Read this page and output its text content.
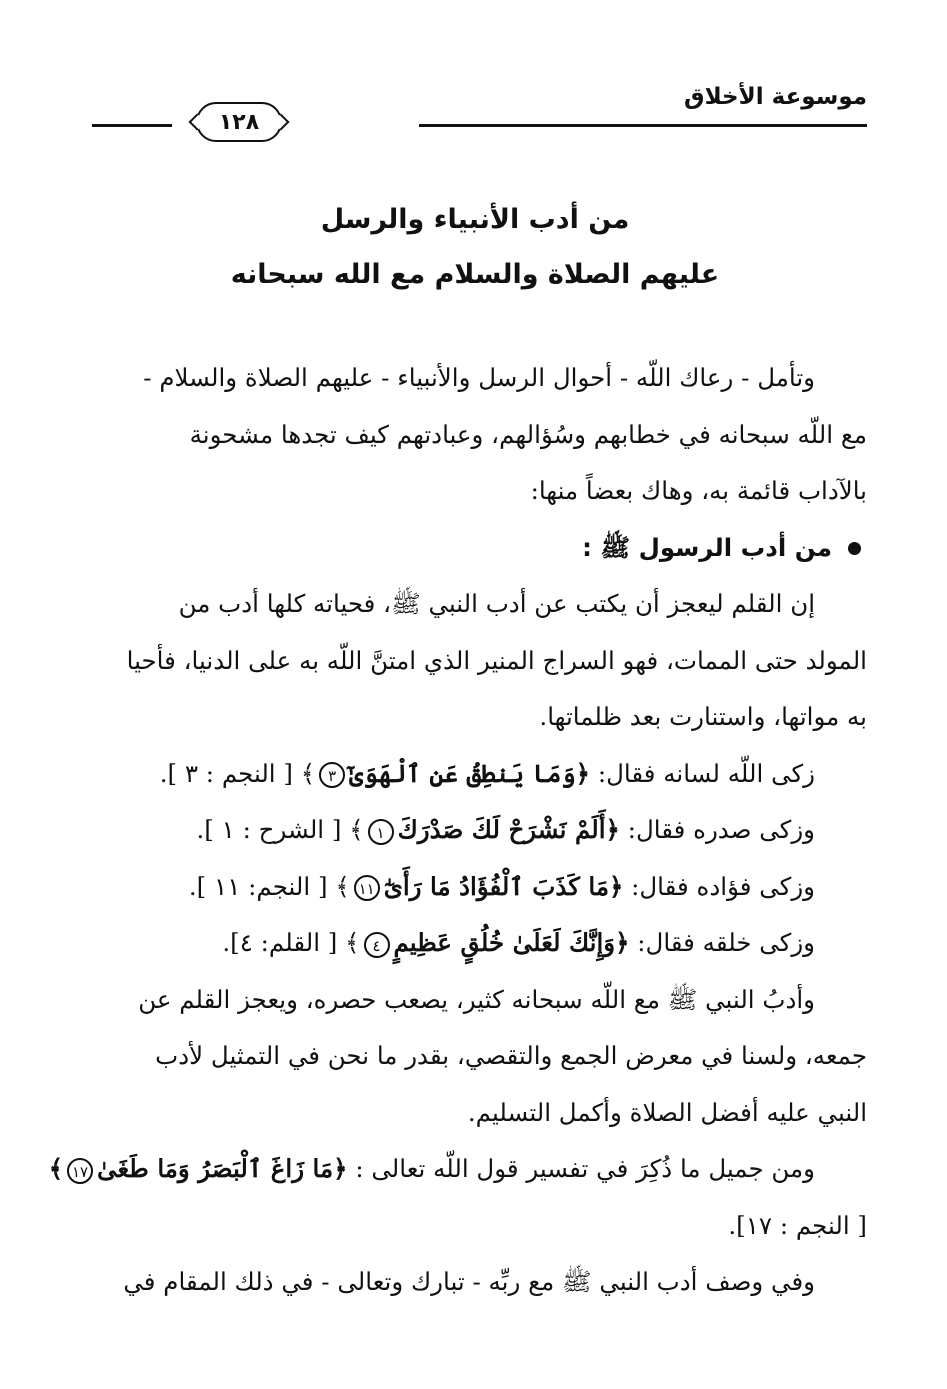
موسوعة الأخلاق
١٢٨
من أدب الأنبياء والرسل
عليهم الصلاة والسلام مع الله سبحانه

وتأمل - رعاك اللّه - أحوال الرسل والأنبياء - عليهم الصلاة والسلام -
مع اللّه سبحانه في خطابهم وسُؤالهم، وعبادتهم كيف تجدها مشحونة
بالآداب قائمة به، وهاك بعضاً منها:

من أدب الرسول ﷺ :

إن القلم ليعجز أن يكتب عن أدب النبي ﷺ، فحياته كلها أدب من
المولد حتى الممات، فهو السراج المنير الذي امتنَّ اللّه به على الدنيا، فأحيا
به مواتها، واستنارت بعد ظلماتها.

زكى اللّه لسانه فقال: ﴿وَمَا يَنطِقُ عَنِ ٱلْهَوَىٰٓ٣﴾ [ النجم : ٣ ].
وزكى صدره فقال: ﴿أَلَمْ نَشْرَحْ لَكَ صَدْرَكَ١﴾ [ الشرح : ١ ].
وزكى فؤاده فقال: ﴿مَا كَذَبَ ٱلْفُؤَادُ مَا رَأَىٰٓ١١﴾ [ النجم: ١١ ].
وزكى خلقه فقال: ﴿وَإِنَّكَ لَعَلَىٰ خُلُقٍ عَظِيمٍ٤﴾ [ القلم: ٤].

وأدبُ النبي ﷺ مع اللّه سبحانه كثير، يصعب حصره، ويعجز القلم عن
جمعه، ولسنا في معرض الجمع والتقصي، بقدر ما نحن في التمثيل لأدب
النبي عليه أفضل الصلاة وأكمل التسليم.

ومن جميل ما ذُكِرَ في تفسير قول اللّه تعالى : ﴿مَا زَاغَ ٱلْبَصَرُ وَمَا طَغَىٰ١٧﴾
[ النجم : ١٧].
وفي وصف أدب النبي ﷺ مع ربِّه - تبارك وتعالى - في ذلك المقام في
